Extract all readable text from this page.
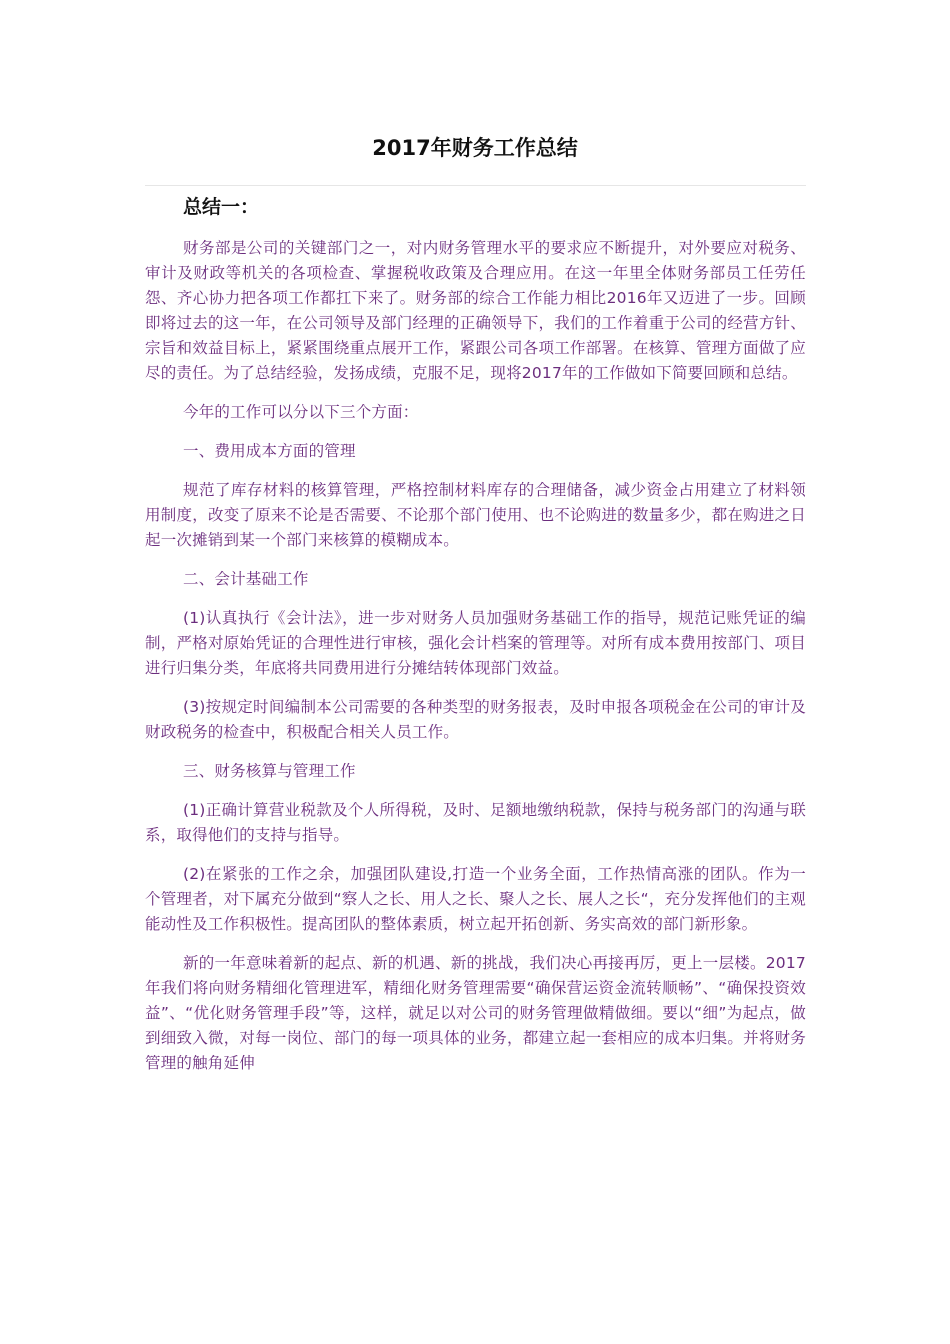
2017年财务工作总结
总结一：

财务部是公司的关键部门之一，对内财务管理水平的要求应不断提升，对外要应对税务、审计及财政等机关的各项检查、掌握税收政策及合理应用。在这一年里全体财务部员工任劳任怨、齐心协力把各项工作都扛下来了。财务部的综合工作能力相比2016年又迈进了一步。回顾即将过去的这一年，在公司领导及部门经理的正确领导下，我们的工作着重于公司的经营方针、宗旨和效益目标上，紧紧围绕重点展开工作，紧跟公司各项工作部署。在核算、管理方面做了应尽的责任。为了总结经验，发扬成绩，克服不足，现将2017年的工作做如下简要回顾和总结。

今年的工作可以分以下三个方面：

一、费用成本方面的管理

规范了库存材料的核算管理，严格控制材料库存的合理储备，减少资金占用建立了材料领用制度，改变了原来不论是否需要、不论那个部门使用、也不论购进的数量多少，都在购进之日起一次摊销到某一个部门来核算的模糊成本。

二、会计基础工作

(1)认真执行《会计法》，进一步对财务人员加强财务基础工作的指导，规范记账凭证的编制，严格对原始凭证的合理性进行审核，强化会计档案的管理等。对所有成本费用按部门、项目进行归集分类，年底将共同费用进行分摊结转体现部门效益。

(3)按规定时间编制本公司需要的各种类型的财务报表，及时申报各项税金在公司的审计及财政税务的检查中，积极配合相关人员工作。

三、财务核算与管理工作

(1)正确计算营业税款及个人所得税，及时、足额地缴纳税款，保持与税务部门的沟通与联系，取得他们的支持与指导。

(2)在紧张的工作之余，加强团队建设,打造一个业务全面，工作热情高涨的团队。作为一个管理者，对下属充分做到“察人之长、用人之长、聚人之长、展人之长“，充分发挥他们的主观能动性及工作积极性。提高团队的整体素质，树立起开拓创新、务实高效的部门新形象。

新的一年意味着新的起点、新的机遇、新的挑战，我们决心再接再厉，更上一层楼。2017年我们将向财务精细化管理进军，精细化财务管理需要“确保营运资金流转顺畅”、“确保投资效益”、“优化财务管理手段”等，这样，就足以对公司的财务管理做精做细。要以“细”为起点，做到细致入微，对每一岗位、部门的每一项具体的业务，都建立起一套相应的成本归集。并将财务管理的触角延伸
